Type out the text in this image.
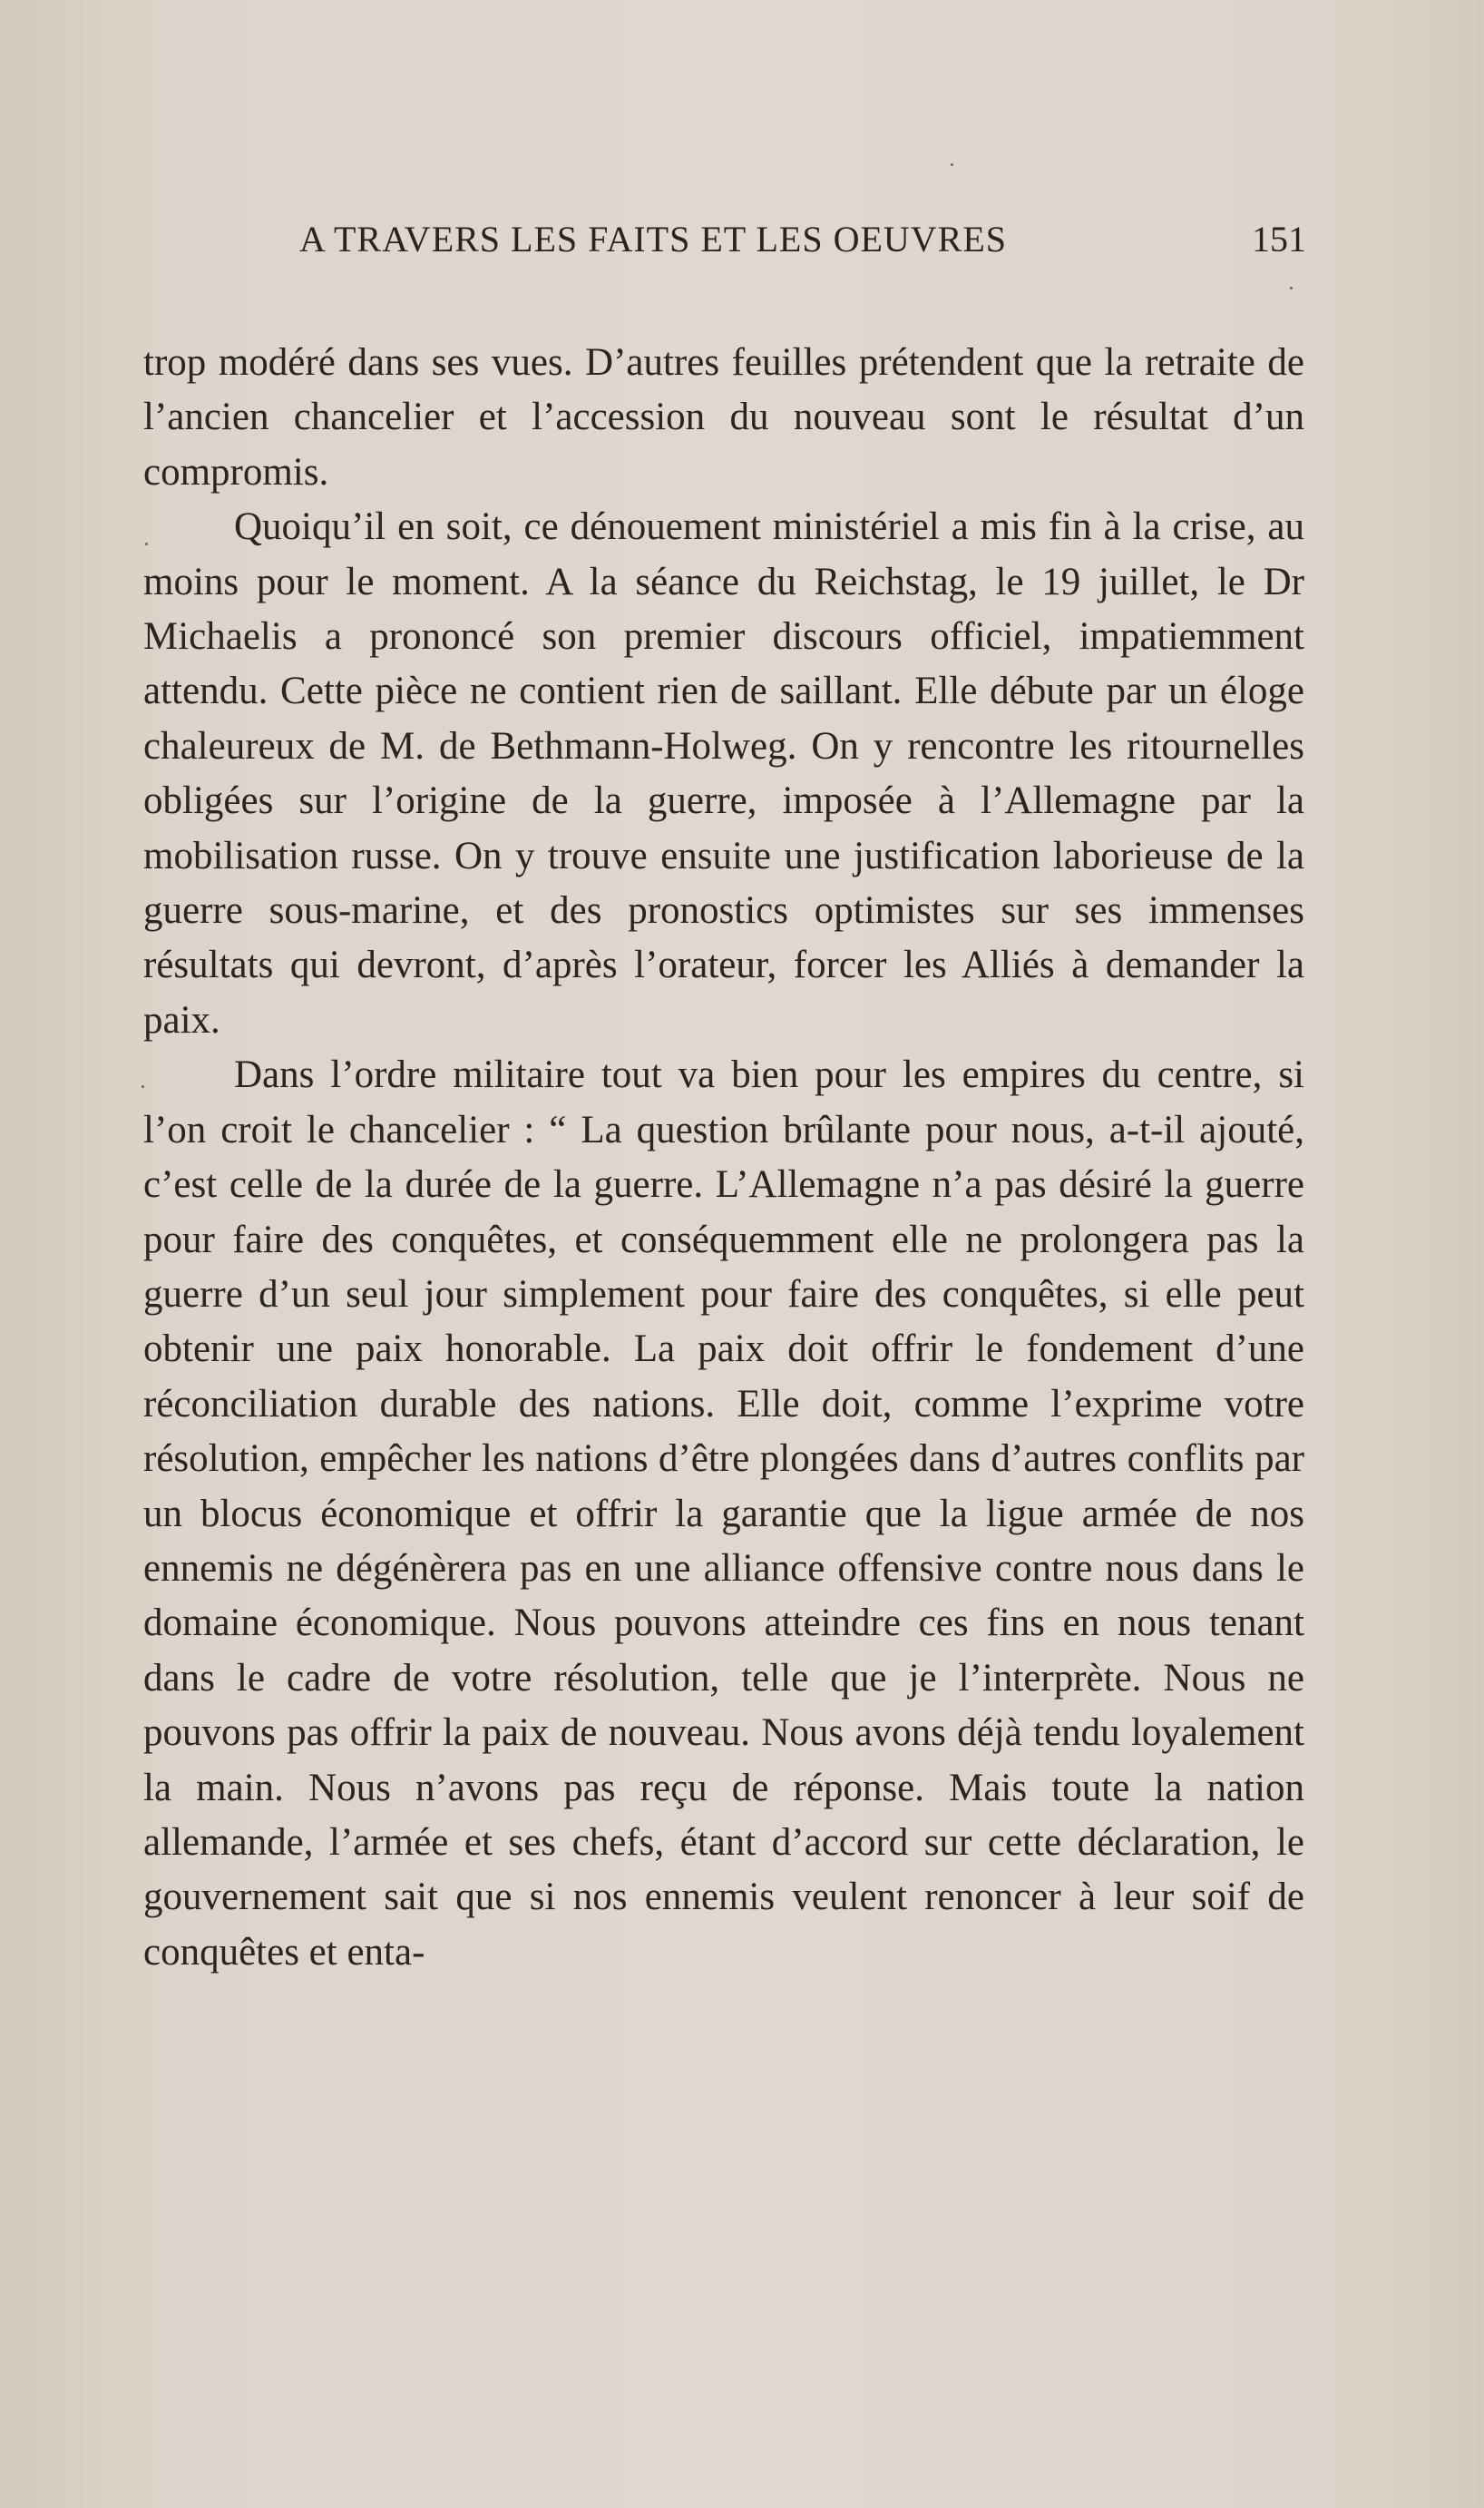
A TRAVERS LES FAITS ET LES OEUVRES	151

trop modéré dans ses vues. D’autres feuilles prétendent que la retraite de l’ancien chancelier et l’accession du nouveau sont le résultat d’un compromis.

Quoiqu’il en soit, ce dénouement ministériel a mis fin à la crise, au moins pour le moment. A la séance du Reichstag, le 19 juillet, le Dr Michaelis a prononcé son premier discours officiel, impatiemment attendu. Cette pièce ne contient rien de saillant. Elle débute par un éloge chaleureux de M. de Bethmann-Holweg. On y rencontre les ritournelles obligées sur l’origine de la guerre, imposée à l’Allemagne par la mobilisation russe. On y trouve ensuite une justification laborieuse de la guerre sous-marine, et des pronostics optimistes sur ses immenses résultats qui devront, d’après l’orateur, forcer les Alliés à demander la paix.

Dans l’ordre militaire tout va bien pour les empires du centre, si l’on croit le chancelier : “ La question brûlante pour nous, a-t-il ajouté, c’est celle de la durée de la guerre. L’Allemagne n’a pas désiré la guerre pour faire des conquêtes, et conséquemment elle ne prolongera pas la guerre d’un seul jour simplement pour faire des conquêtes, si elle peut obtenir une paix honorable. La paix doit offrir le fondement d’une réconciliation durable des nations. Elle doit, comme l’exprime votre résolution, empêcher les nations d’être plongées dans d’autres conflits par un blocus économique et offrir la garantie que la ligue armée de nos ennemis ne dégénèrera pas en une alliance offensive contre nous dans le domaine économique. Nous pouvons atteindre ces fins en nous tenant dans le cadre de votre résolution, telle que je l’interprète. Nous ne pouvons pas offrir la paix de nouveau. Nous avons déjà tendu loyalement la main. Nous n’avons pas reçu de réponse. Mais toute la nation allemande, l’armée et ses chefs, étant d’accord sur cette déclaration, le gouvernement sait que si nos ennemis veulent renoncer à leur soif de conquêtes et enta-
